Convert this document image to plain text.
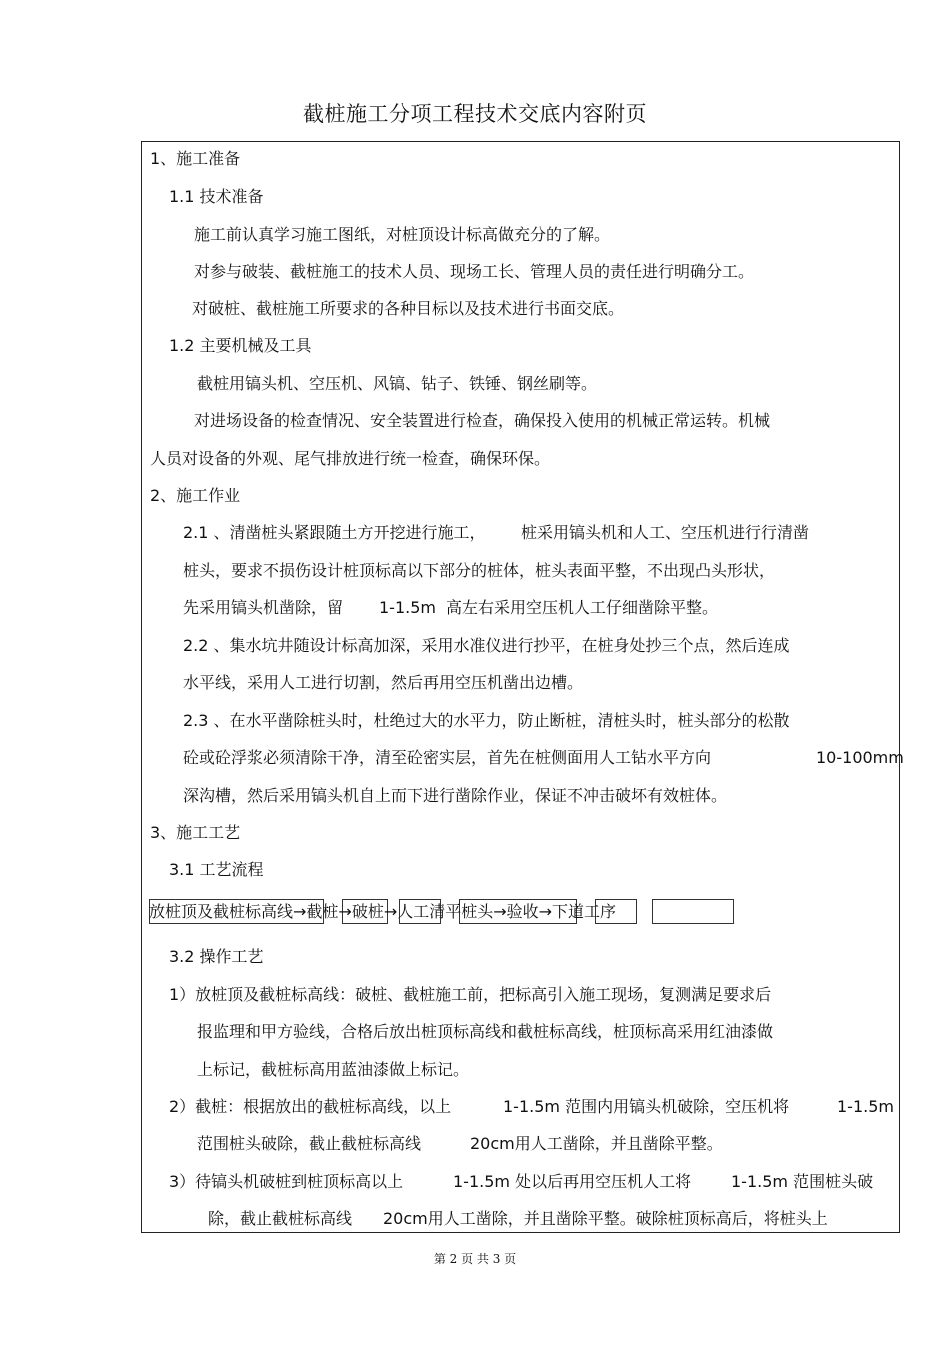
截桩施工分项工程技术交底内容附页
1、施工准备
1.1 技术准备
施工前认真学习施工图纸，对桩顶设计标高做充分的了解。
对参与破装、截桩施工的技术人员、现场工长、管理人员的责任进行明确分工。
对破桩、截桩施工所要求的各种目标以及技术进行书面交底。
1.2 主要机械及工具
截桩用镐头机、空压机、风镐、钻子、铁锤、钢丝刷等。
对进场设备的检查情况、安全装置进行检查，确保投入使用的机械正常运转。机械
人员对设备的外观、尾气排放进行统一检查，确保环保。
2、施工作业
2.1 、清凿桩头紧跟随土方开挖进行施工， 桩采用镐头机和人工、空压机进行行清凿
桩头，要求不损伤设计桩顶标高以下部分的桩体，桩头表面平整，不出现凸头形状，
先采用镐头机凿除，留 1-1.5m 高左右采用空压机人工仔细凿除平整。
2.2 、集水坑井随设计标高加深，采用水准仪进行抄平，在桩身处抄三个点，然后连成
水平线，采用人工进行切割，然后再用空压机凿出边槽。
2.3 、在水平凿除桩头时，杜绝过大的水平力，防止断桩，清桩头时，桩头部分的松散
砼或砼浮浆必须清除干净，清至砼密实层，首先在桩侧面用人工钻水平方向	10-100mm
深沟槽，然后采用镐头机自上而下进行凿除作业，保证不冲击破坏有效桩体。
3、施工工艺
3.1 工艺流程
放桩顶及截桩标高线→截桩→破桩→人工清平桩头→验收→下道工序
3.2 操作工艺
1）放桩顶及截桩标高线：破桩、截桩施工前，把标高引入施工现场，复测满足要求后
报监理和甲方验线，合格后放出桩顶标高线和截桩标高线，桩顶标高采用红油漆做
上标记，截桩标高用蓝油漆做上标记。
2）截桩：根据放出的截桩标高线，以上	1-1.5m 范围内用镐头机破除，空压机将	1-1.5m
范围桩头破除，截止截桩标高线	20cm用人工凿除，并且凿除平整。
3）待镐头机破桩到桩顶标高以上	1-1.5m 处以后再用空压机人工将 1-1.5m 范围桩头破
除，截止截桩标高线 20cm用人工凿除，并且凿除平整。破除桩顶标高后，将桩头上
第 2 页 共 3 页
